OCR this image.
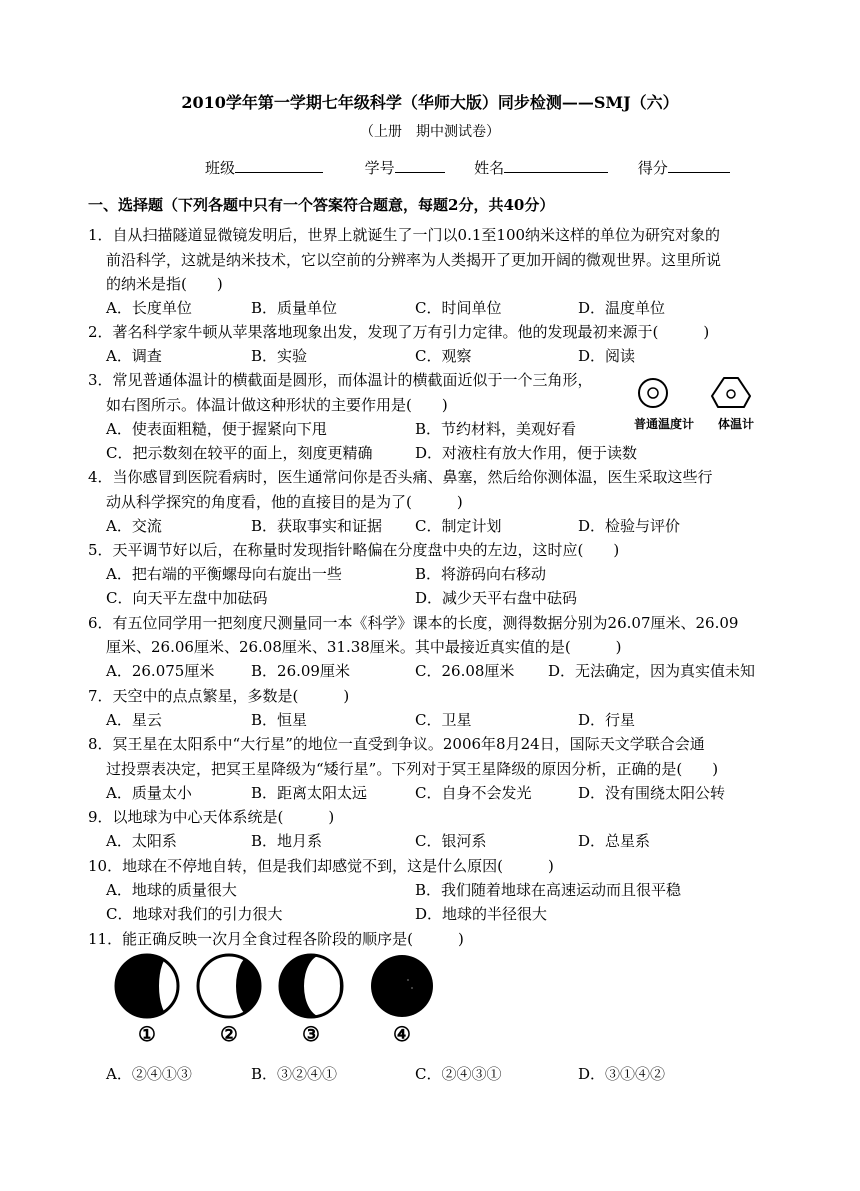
2010学年第一学期七年级科学（华师大版）同步检测——SMJ（六）
（上册　期中测试卷）
班级	学号	姓名	得分
一、选择题（下列各题中只有一个答案符合题意，每题2分，共40分）
1．自从扫描隧道显微镜发明后，世界上就诞生了一门以0.1至100纳米这样的单位为研究对象的
前沿科学，这就是纳米技术，它以空前的分辨率为人类揭开了更加开阔的微观世界。这里所说
的纳米是指(　　)
A．长度单位	B．质量单位	C．时间单位	D．温度单位
2．著名科学家牛顿从苹果落地现象出发，发现了万有引力定律。他的发现最初来源于(　　　)
A．调查	B．实验	C．观察	D．阅读
3．常见普通体温计的横截面是圆形，而体温计的横截面近似于一个三角形，
如右图所示。体温计做这种形状的主要作用是(　　)
A．使表面粗糙，便于握紧向下甩	B．节约材料，美观好看
C．把示数刻在较平的面上，刻度更精确	D．对液柱有放大作用，便于读数
普通温度计 体温计
4．当你感冒到医院看病时，医生通常问你是否头痛、鼻塞，然后给你测体温，医生采取这些行
动从科学探究的角度看，他的直接目的是为了(　　　)
A．交流	B．获取事实和证据 C．制定计划	D．检验与评价
5．天平调节好以后，在称量时发现指针略偏在分度盘中央的左边，这时应(　　)
A．把右端的平衡螺母向右旋出一些	B．将游码向右移动
C．向天平左盘中加砝码	D．减少天平右盘中砝码
6．有五位同学用一把刻度尺测量同一本《科学》课本的长度，测得数据分别为26.07厘米、26.09
厘米、26.06厘米、26.08厘米、31.38厘米。其中最接近真实值的是(　　　)
A．26.075厘米 B．26.09厘米	C．26.08厘米 D．无法确定，因为真实值未知
7．天空中的点点繁星，多数是(　　　)
A．星云	B．恒星	C．卫星	D．行星
8．冥王星在太阳系中“大行星”的地位一直受到争议。2006年8月24日，国际天文学联合会通
过投票表决定，把冥王星降级为“矮行星”。下列对于冥王星降级的原因分析，正确的是(　　)
A．质量太小	B．距离太阳太远	C．自身不会发光	D．没有围绕太阳公转
9．以地球为中心天体系统是(　　　)
A．太阳系	B．地月系	C．银河系	D．总星系
10．地球在不停地自转，但是我们却感觉不到，这是什么原因(　　　)
A．地球的质量很大	B．我们随着地球在高速运动而且很平稳
C．地球对我们的引力很大	D．地球的半径很大
11．能正确反映一次月全食过程各阶段的顺序是(　　　)
①	②	③	④
A．②④①③	B．③②④①	C．②④③①	D．③①④②
